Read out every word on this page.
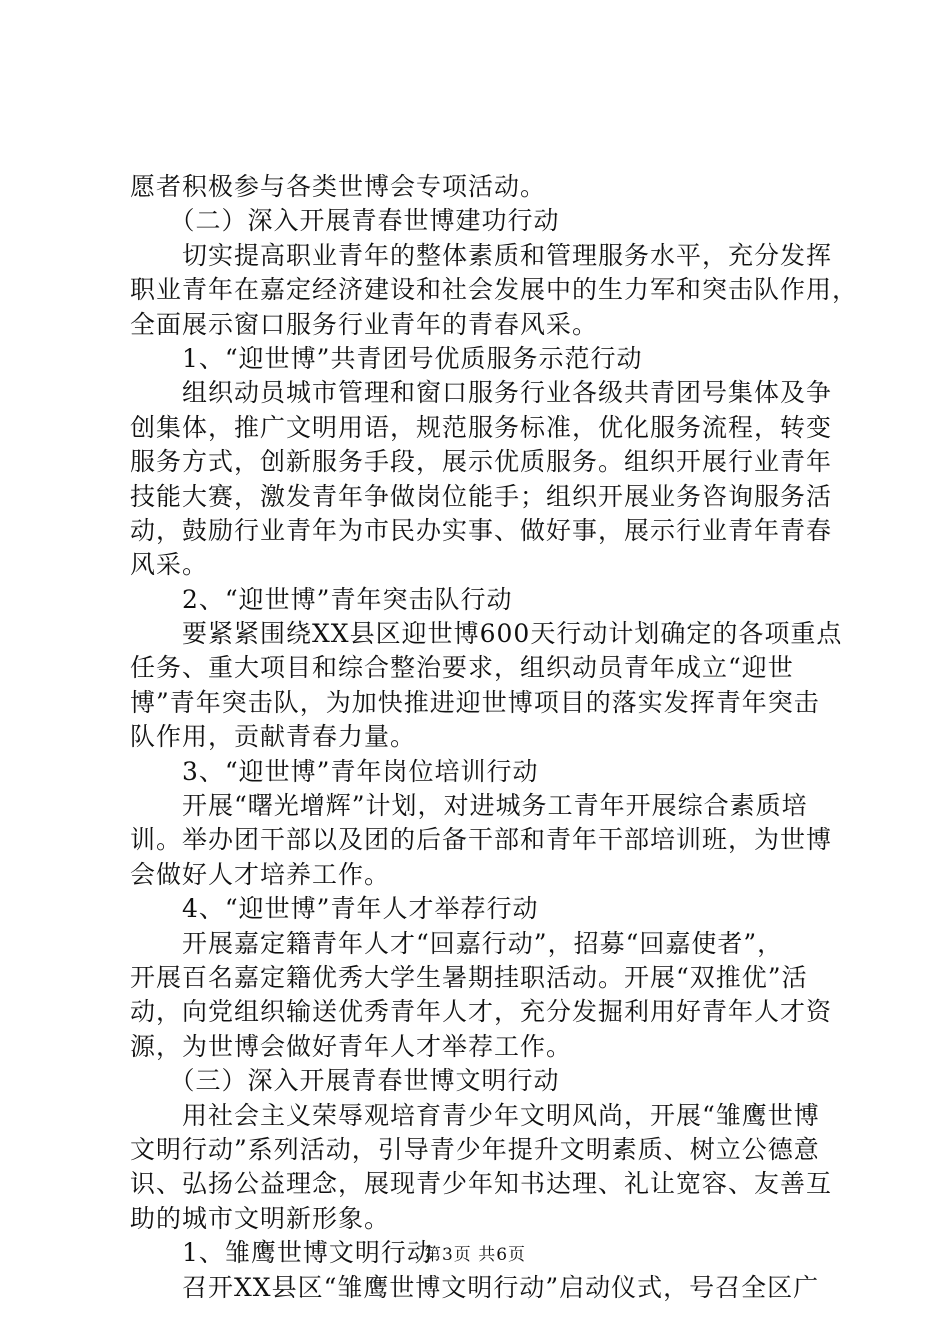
愿者积极参与各类世博会专项活动。
　　（二）深入开展青春世博建功行动
　　切实提高职业青年的整体素质和管理服务水平，充分发挥
职业青年在嘉定经济建设和社会发展中的生力军和突击队作用，
全面展示窗口服务行业青年的青春风采。
　　1、“迎世博”共青团号优质服务示范行动
　　组织动员城市管理和窗口服务行业各级共青团号集体及争
创集体，推广文明用语，规范服务标准，优化服务流程，转变
服务方式，创新服务手段，展示优质服务。组织开展行业青年
技能大赛，激发青年争做岗位能手；组织开展业务咨询服务活
动，鼓励行业青年为市民办实事、做好事，展示行业青年青春
风采。
　　2、“迎世博”青年突击队行动
　　要紧紧围绕XX县区迎世博600天行动计划确定的各项重点
任务、重大项目和综合整治要求，组织动员青年成立“迎世
博”青年突击队，为加快推进迎世博项目的落实发挥青年突击
队作用，贡献青春力量。
　　3、“迎世博”青年岗位培训行动
　　开展“曙光增辉”计划，对进城务工青年开展综合素质培
训。举办团干部以及团的后备干部和青年干部培训班，为世博
会做好人才培养工作。
　　4、“迎世博”青年人才举荐行动
　　开展嘉定籍青年人才“回嘉行动”，招募“回嘉使者”，
开展百名嘉定籍优秀大学生暑期挂职活动。开展“双推优”活
动，向党组织输送优秀青年人才，充分发掘利用好青年人才资
源，为世博会做好青年人才举荐工作。
　　（三）深入开展青春世博文明行动
　　用社会主义荣辱观培育青少年文明风尚，开展“雏鹰世博
文明行动”系列活动，引导青少年提升文明素质、树立公德意
识、弘扬公益理念，展现青少年知书达理、礼让宽容、友善互
助的城市文明新形象。
　　1、雏鹰世博文明行动
　　召开XX县区“雏鹰世博文明行动”启动仪式，号召全区广
第3页 共6页
